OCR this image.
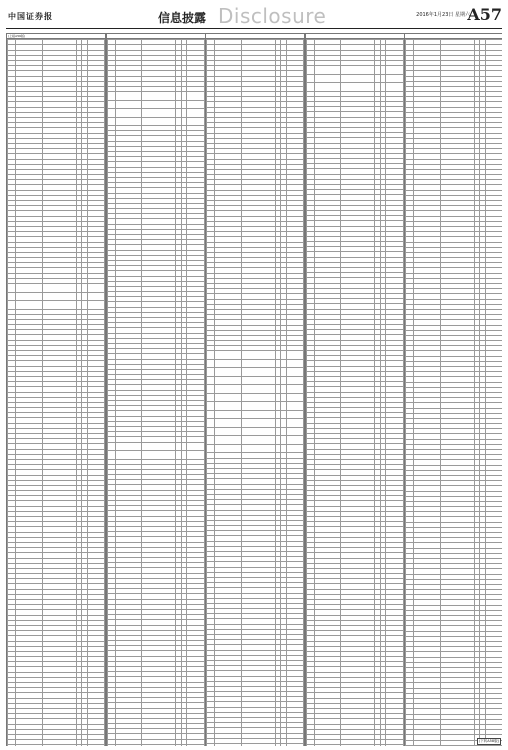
中国证券报	信息披露 Disclosure	2016年1月23日 星期六
A57
(上接A56版)

(下转A58版)
